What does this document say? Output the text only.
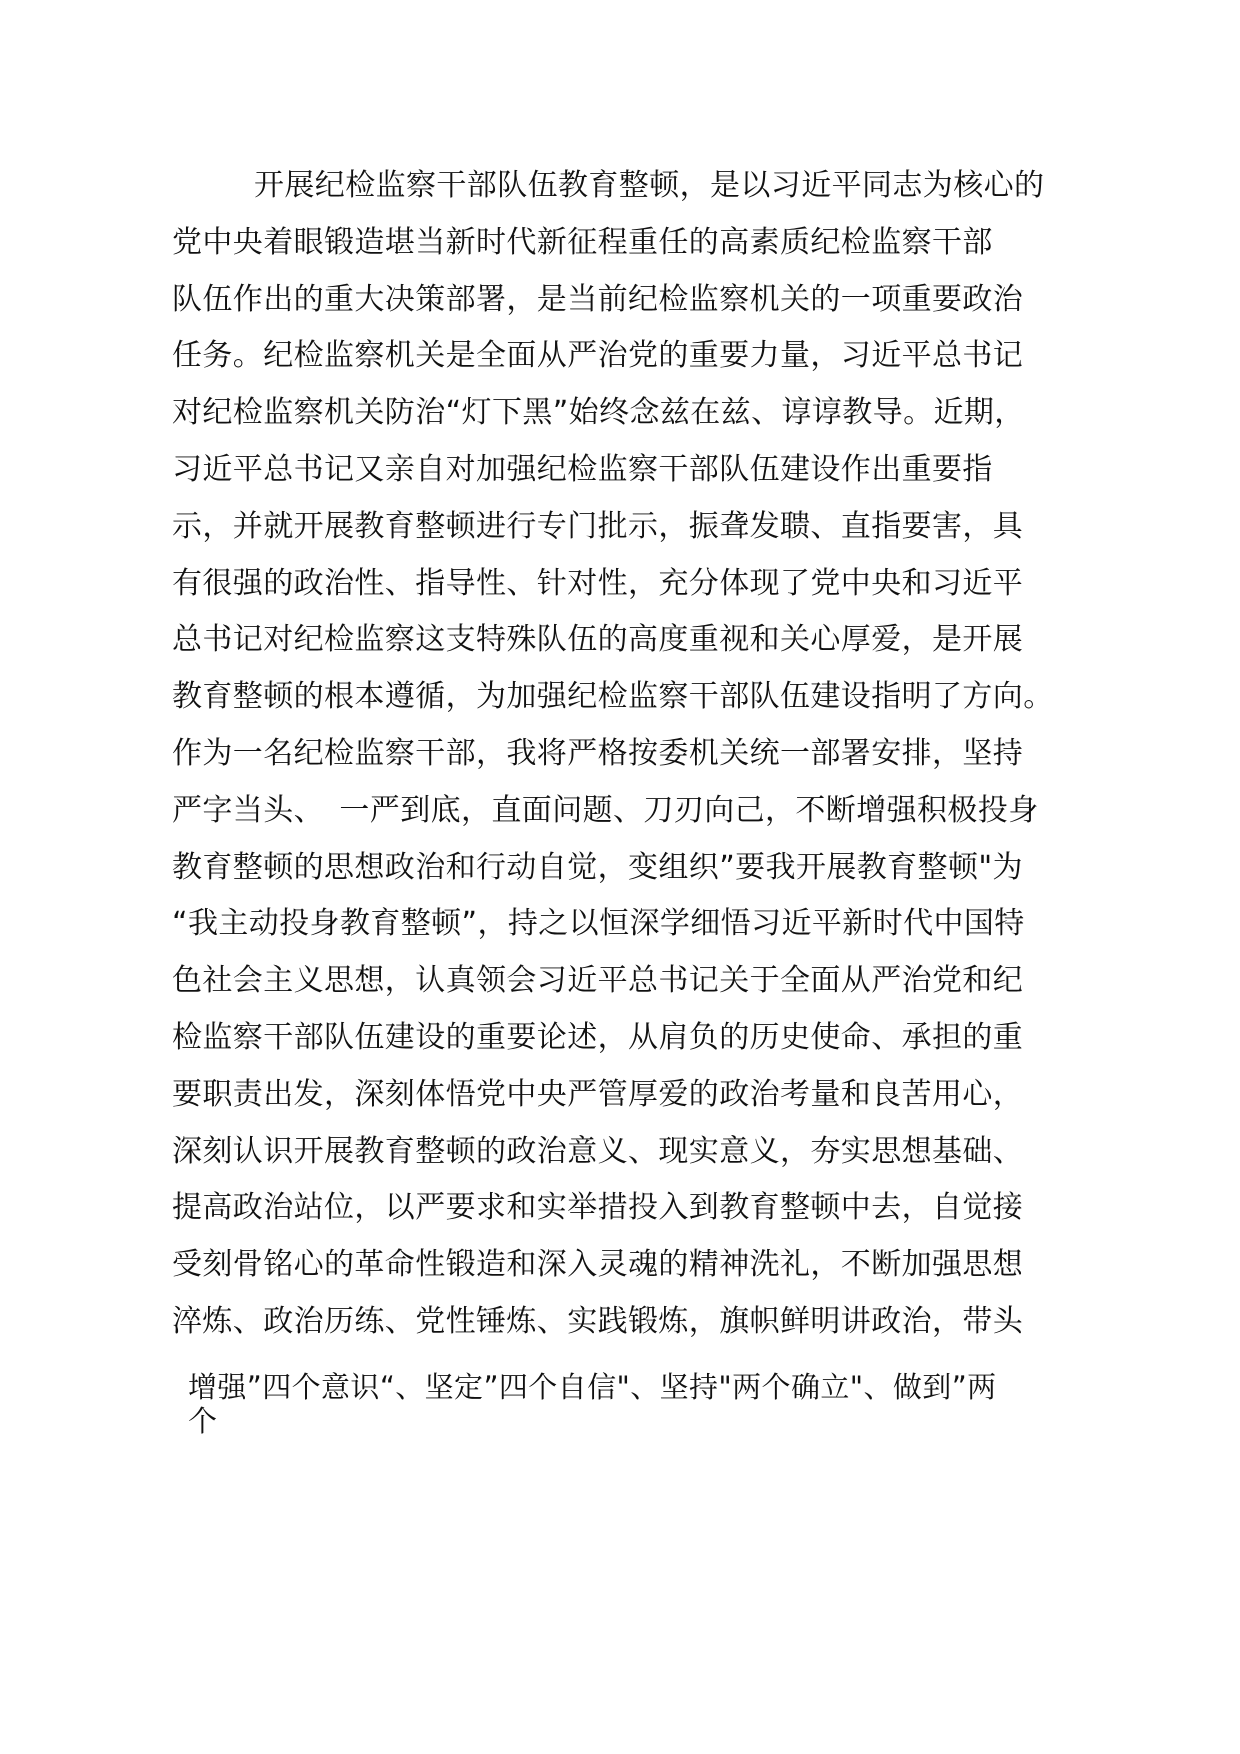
开展纪检监察干部队伍教育整顿，是以习近平同志为核心的
党中央着眼锻造堪当新时代新征程重任的高素质纪检监察干部
队伍作出的重大决策部署，是当前纪检监察机关的一项重要政治
任务。纪检监察机关是全面从严治党的重要力量，习近平总书记
对纪检监察机关防治“灯下黑”始终念兹在兹、谆谆教导。近期，
习近平总书记又亲自对加强纪检监察干部队伍建设作出重要指
示，并就开展教育整顿进行专门批示，振聋发聩、直指要害，具
有很强的政治性、指导性、针对性，充分体现了党中央和习近平
总书记对纪检监察这支特殊队伍的高度重视和关心厚爱，是开展
教育整顿的根本遵循，为加强纪检监察干部队伍建设指明了方向。
作为一名纪检监察干部，我将严格按委机关统一部署安排，坚持
严字当头、　一严到底，直面问题、刀刃向己，不断增强积极投身
教育整顿的思想政治和行动自觉，变组织”要我开展教育整顿"为
“我主动投身教育整顿”，持之以恒深学细悟习近平新时代中国特
色社会主义思想，认真领会习近平总书记关于全面从严治党和纪
检监察干部队伍建设的重要论述，从肩负的历史使命、承担的重
要职责出发，深刻体悟党中央严管厚爱的政治考量和良苦用心，
深刻认识开展教育整顿的政治意义、现实意义，夯实思想基础、
提高政治站位，以严要求和实举措投入到教育整顿中去，自觉接
受刻骨铭心的革命性锻造和深入灵魂的精神洗礼，不断加强思想
淬炼、政治历练、党性锤炼、实践锻炼，旗帜鲜明讲政治，带头
增强”四个意识“、坚定”四个自信"、坚持"两个确立"、做到”两
个
